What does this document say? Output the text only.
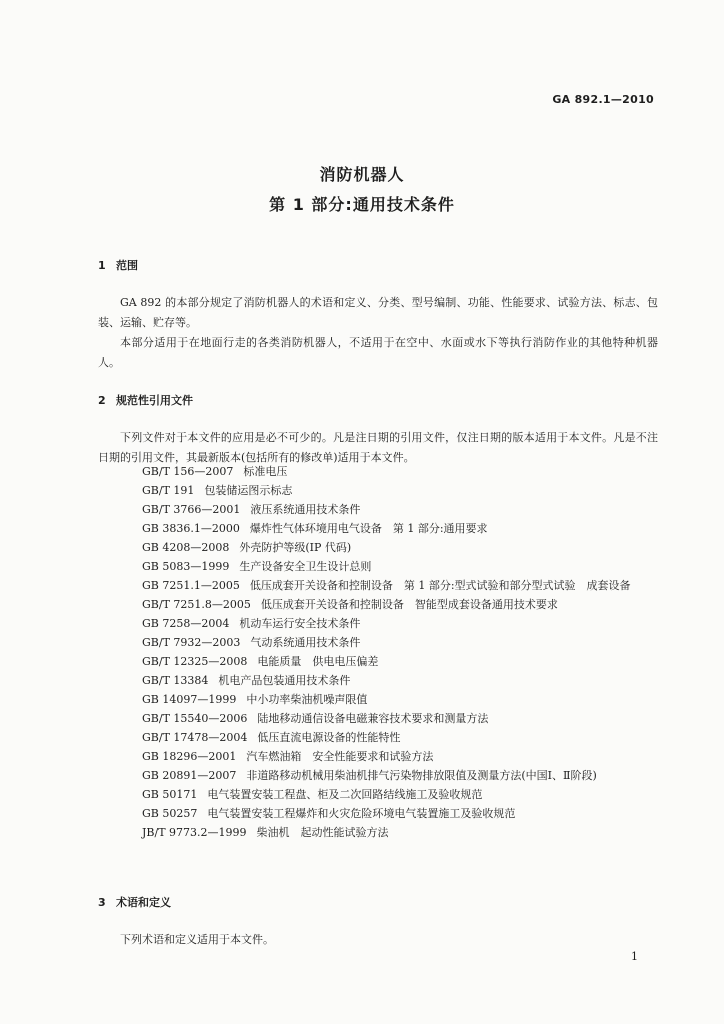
GA 892.1—2010
消防机器人
第 1 部分:通用技术条件
1 范围
GA 892 的本部分规定了消防机器人的术语和定义、分类、型号编制、功能、性能要求、试验方法、标志、包装、运输、贮存等。
本部分适用于在地面行走的各类消防机器人，不适用于在空中、水面或水下等执行消防作业的其他特种机器人。
2 规范性引用文件
下列文件对于本文件的应用是必不可少的。凡是注日期的引用文件，仅注日期的版本适用于本文件。凡是不注日期的引用文件，其最新版本(包括所有的修改单)适用于本文件。
GB/T 156—2007 标准电压
GB/T 191 包装储运图示标志
GB/T 3766—2001 液压系统通用技术条件
GB 3836.1—2000 爆炸性气体环境用电气设备　第 1 部分:通用要求
GB 4208—2008 外壳防护等级(IP 代码)
GB 5083—1999 生产设备安全卫生设计总则
GB 7251.1—2005 低压成套开关设备和控制设备　第 1 部分:型式试验和部分型式试验　成套设备
GB/T 7251.8—2005 低压成套开关设备和控制设备　智能型成套设备通用技术要求
GB 7258—2004 机动车运行安全技术条件
GB/T 7932—2003 气动系统通用技术条件
GB/T 12325—2008 电能质量　供电电压偏差
GB/T 13384 机电产品包装通用技术条件
GB 14097—1999 中小功率柴油机噪声限值
GB/T 15540—2006 陆地移动通信设备电磁兼容技术要求和测量方法
GB/T 17478—2004 低压直流电源设备的性能特性
GB 18296—2001 汽车燃油箱　安全性能要求和试验方法
GB 20891—2007 非道路移动机械用柴油机排气污染物排放限值及测量方法(中国Ⅰ、Ⅱ阶段)
GB 50171 电气装置安装工程盘、柜及二次回路结线施工及验收规范
GB 50257 电气装置安装工程爆炸和火灾危险环境电气装置施工及验收规范
JB/T 9773.2—1999 柴油机　起动性能试验方法
3 术语和定义
下列术语和定义适用于本文件。
1
